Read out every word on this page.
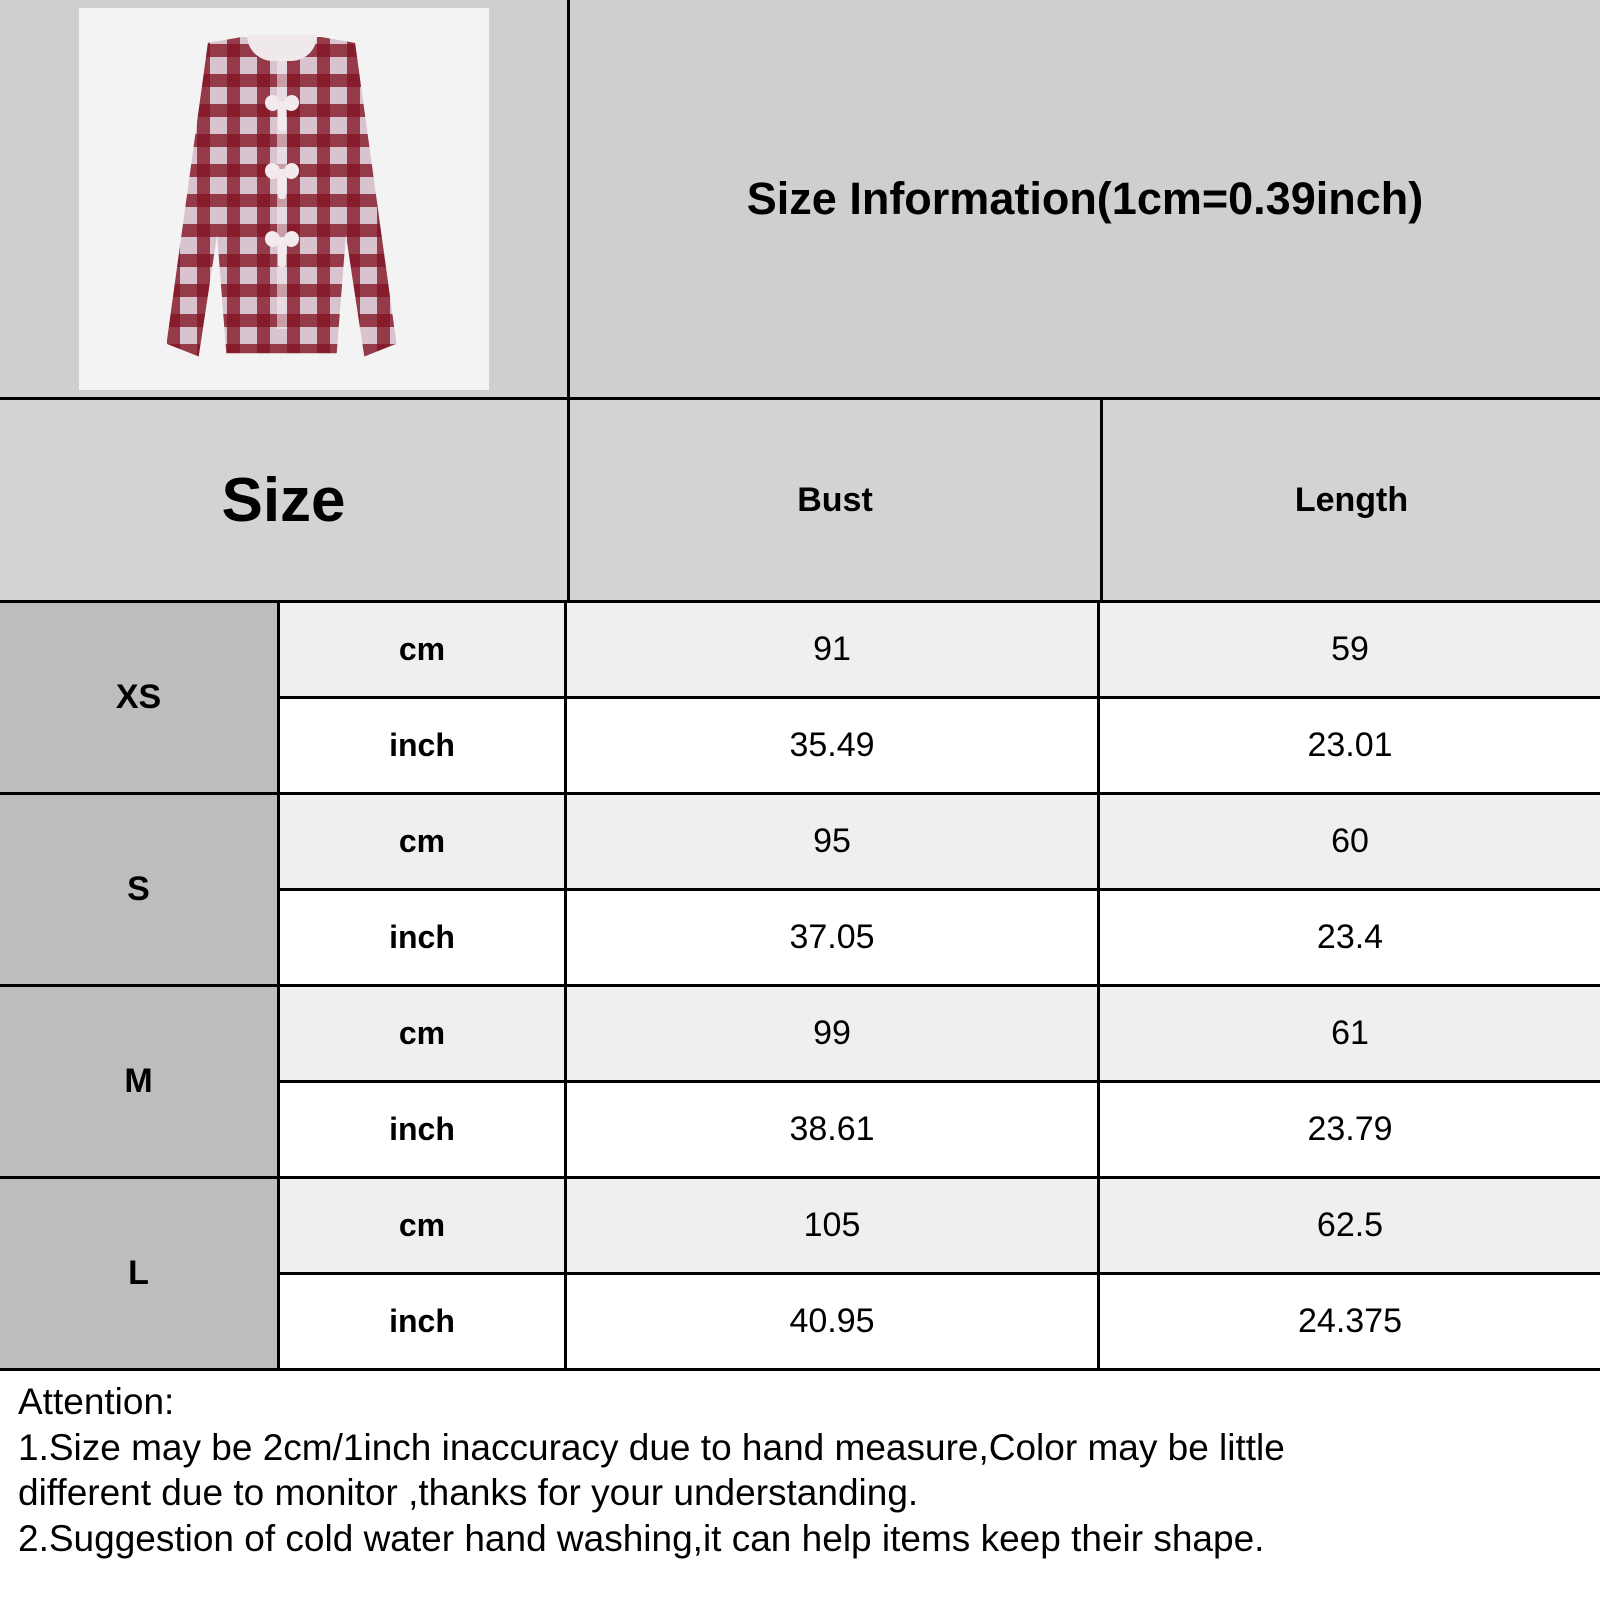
Size Information(1cm=0.39inch)
Size	Bust	Length
XS
cm	91	59
inch	35.49	23.01
S
cm	95	60
inch	37.05	23.4
M
cm	99	61
inch	38.61	23.79
L
cm	105	62.5
inch	40.95	24.375
Attention:
1.Size may be 2cm/1inch inaccuracy due to hand measure,Color may be little
different due to monitor ,thanks for your understanding.
2.Suggestion of cold water hand washing,it can help items keep their shape.
